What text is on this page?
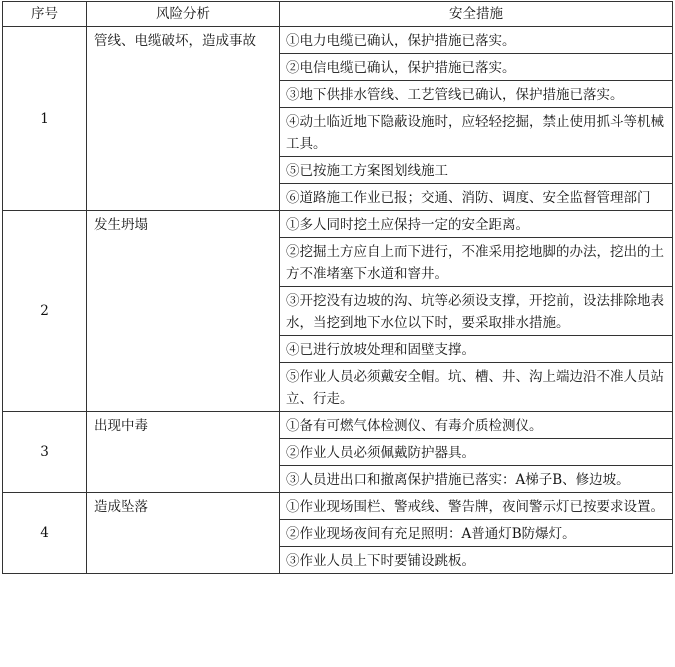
序号	风险分析	安全措施
1	管线、电缆破坏，造成事故	①电力电缆已确认，保护措施已落实。
		②电信电缆已确认，保护措施已落实。
		③地下供排水管线、工艺管线已确认，保护措施已落实。
		④动土临近地下隐蔽设施时，应轻轻挖掘，禁止使用抓斗等机械工具。
		⑤已按施工方案图划线施工
		⑥道路施工作业已报；交通、消防、调度、安全监督管理部门
2	发生坍塌	①多人同时挖土应保持一定的安全距离。
		②挖掘土方应自上而下进行，不准采用挖地脚的办法，挖出的土方不准堵塞下水道和窨井。
		③开挖没有边坡的沟、坑等必须设支撑，开挖前，设法排除地表水，当挖到地下水位以下时，要采取排水措施。
		④已进行放坡处理和固壁支撑。
		⑤作业人员必须戴安全帽。坑、槽、井、沟上端边沿不准人员站立、行走。
3	出现中毒	①备有可燃气体检测仪、有毒介质检测仪。
		②作业人员必须佩戴防护器具。
		③人员进出口和撤离保护措施已落实：A梯子B、修边坡。
4	造成坠落	①作业现场围栏、警戒线、警告牌，夜间警示灯已按要求设置。
		②作业现场夜间有充足照明：A普通灯B防爆灯。
		③作业人员上下时要铺设跳板。
